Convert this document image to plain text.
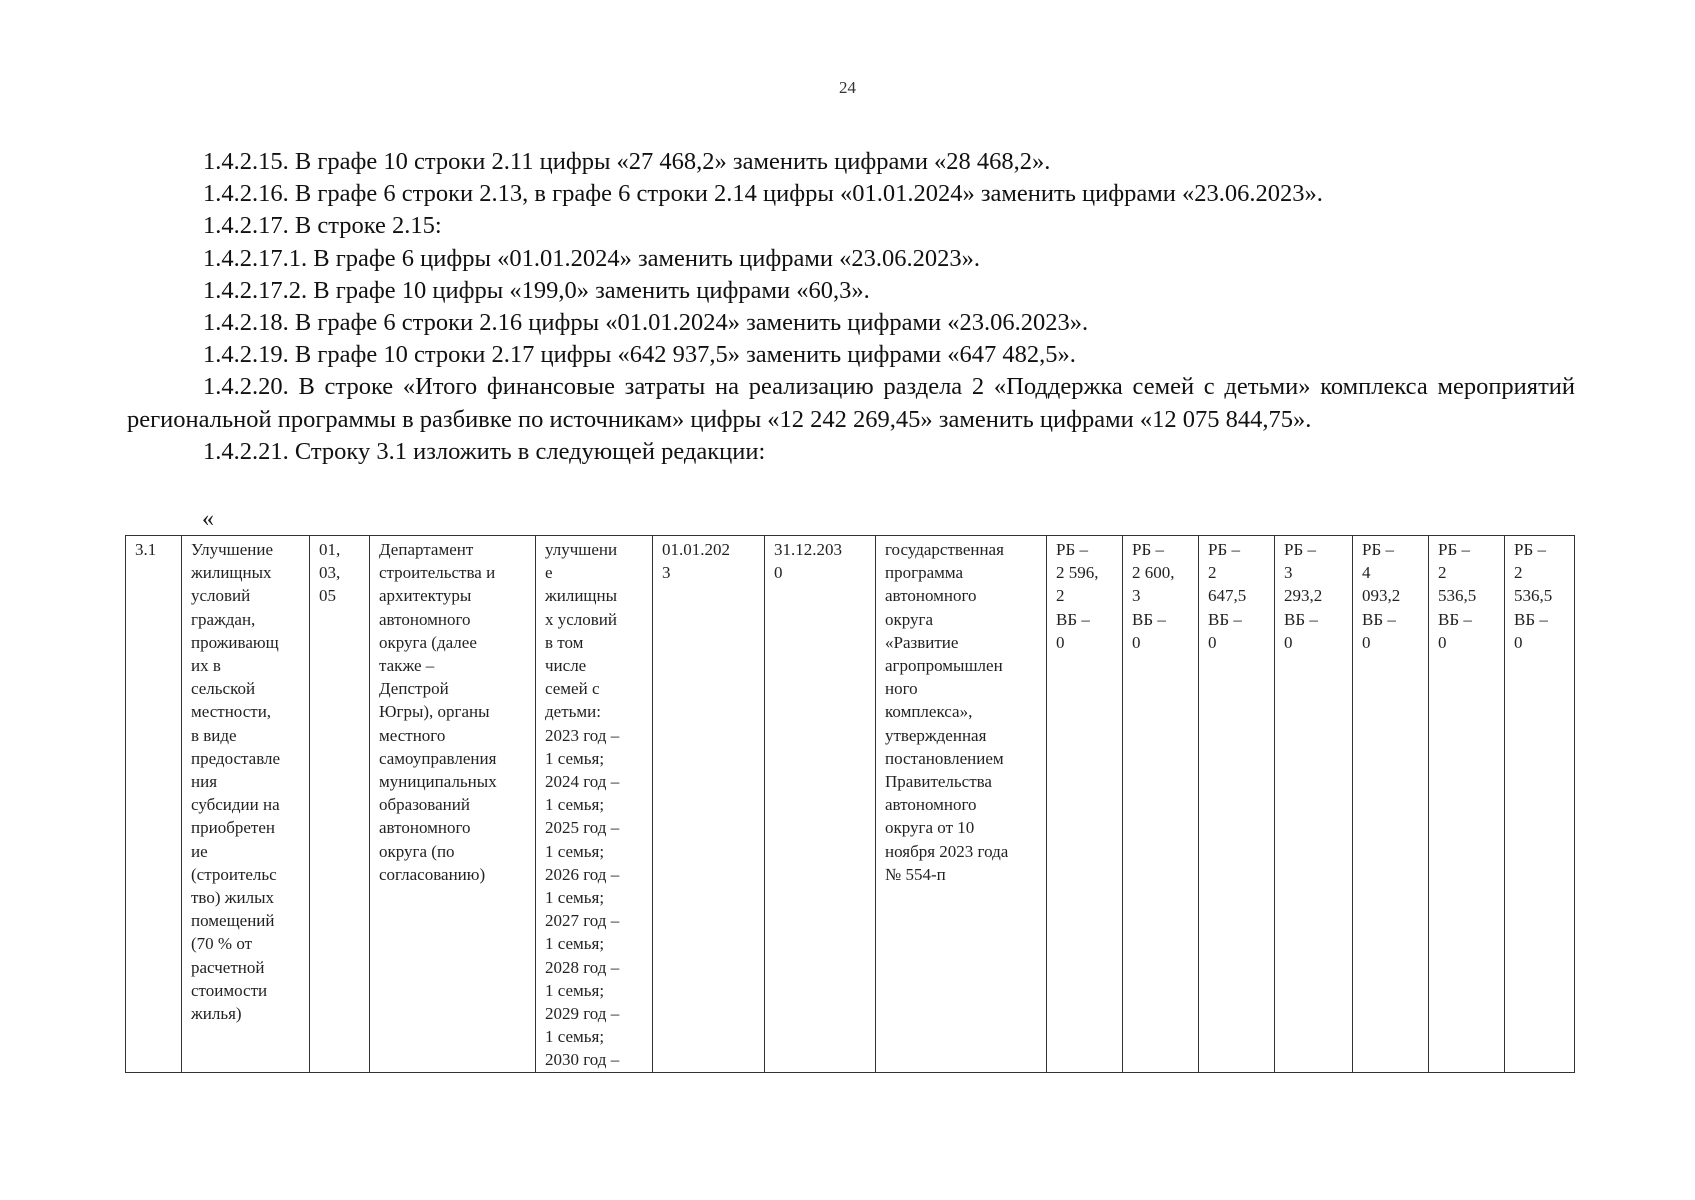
24

1.4.2.15. В графе 10 строки 2.11 цифры «27 468,2» заменить цифрами «28 468,2».

1.4.2.16. В графе 6 строки 2.13, в графе 6 строки 2.14 цифры «01.01.2024» заменить цифрами «23.06.2023».

1.4.2.17. В строке 2.15:

1.4.2.17.1. В графе 6 цифры «01.01.2024» заменить цифрами «23.06.2023».

1.4.2.17.2. В графе 10 цифры «199,0» заменить цифрами «60,3».

1.4.2.18. В графе 6 строки 2.16 цифры «01.01.2024» заменить цифрами «23.06.2023».

1.4.2.19. В графе 10 строки 2.17 цифры «642 937,5» заменить цифрами «647 482,5».

1.4.2.20. В строке «Итого финансовые затраты на реализацию раздела 2 «Поддержка семей с детьми» комплекса мероприятий региональной программы в разбивке по источникам» цифры «12 242 269,45» заменить цифрами «12 075 844,75».

1.4.2.21. Строку 3.1 изложить в следующей редакции:

«
3.1	Улучшение
жилищных
условий
граждан,
проживающ
их в
сельской
местности,
в виде
предоставле
ния
субсидии на
приобретен
ие
(строительс
тво) жилых
помещений
(70 % от
расчетной
стоимости
жилья)

01,
03,
05

Департамент
строительства и
архитектуры
автономного
округа (далее
также –
Депстрой
Югры), органы
местного
самоуправления
муниципальных
образований
автономного
округа (по
согласованию)

улучшени
е
жилищны
х условий
в том
числе
семей с
детьми:
2023 год –
1 семья;
2024 год –
1 семья;
2025 год –
1 семья;
2026 год –
1 семья;
2027 год –
1 семья;
2028 год –
1 семья;
2029 год –
1 семья;
2030 год –

01.01.202
3

31.12.203
0

государственная
программа
автономного
округа
«Развитие
агропромышлен
ного
комплекса»,
утвержденная
постановлением
Правительства
автономного
округа от 10
ноября 2023 года
№ 554-п

РБ –
2 596,
2
ВБ –
0

РБ –
2 600,
3
ВБ –
0

РБ –
2
647,5
ВБ –
0

РБ –
3
293,2
ВБ –
0

РБ –
4
093,2
ВБ –
0

РБ –
2
536,5
ВБ –
0

РБ –
2
536,5
ВБ –
0
